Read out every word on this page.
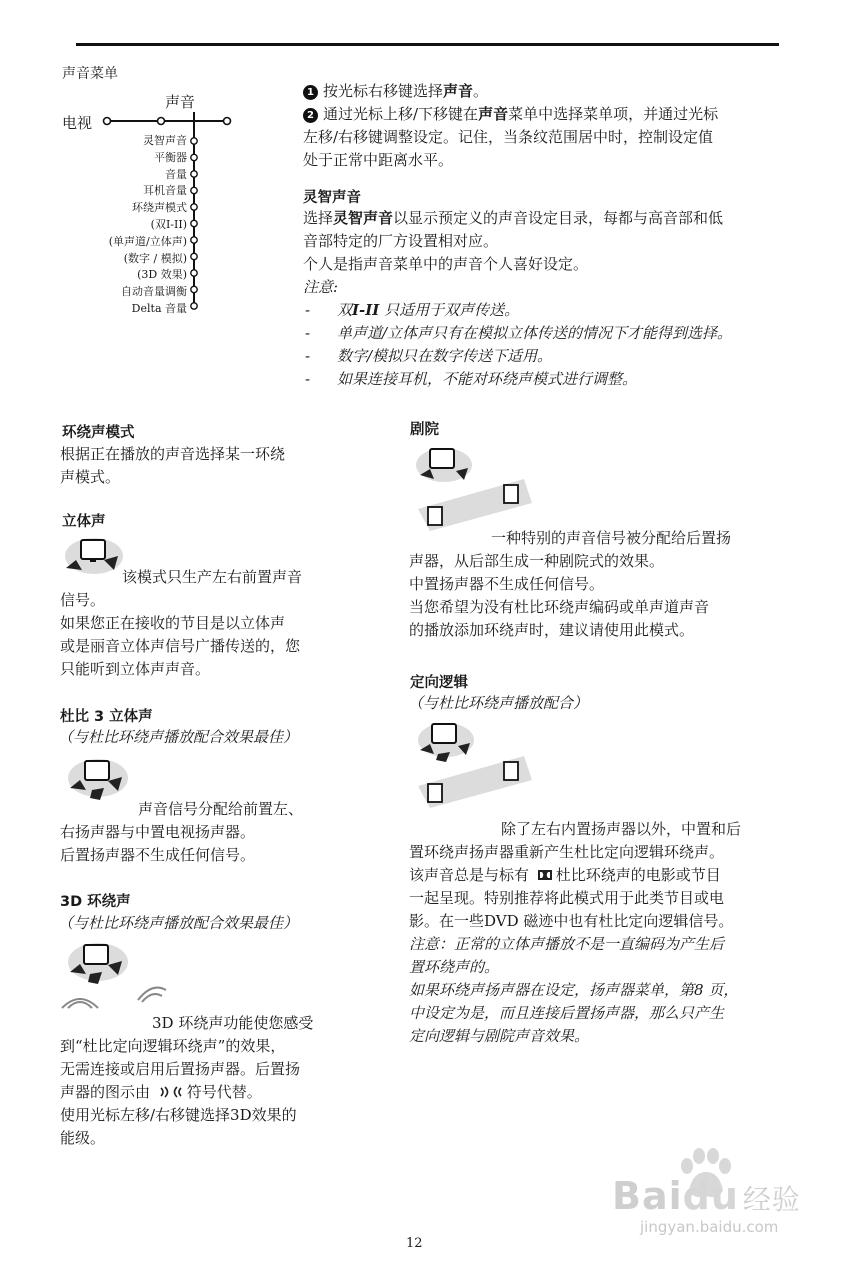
声音菜单
电视
声音
灵智声音
平衡器
音量
耳机音量
环绕声模式
(双I-II)
(单声道/立体声)
(数字 / 模拟)
(3D 效果)
自动音量调衡
Delta 音量
1 按光标右移键选择声音。
2 通过光标上移/下移键在声音菜单中选择菜单项，并通过光标
左移/右移键调整设定。记住，当条纹范围居中时，控制设定值
处于正常中距离水平。
灵智声音
选择灵智声音以显示预定义的声音设定目录，每都与高音部和低
音部特定的厂方设置相对应。
个人是指声音菜单中的声音个人喜好设定。
注意:
- 双I-II 只适用于双声传送。
- 单声道/立体声只有在模拟立体传送的情况下才能得到选择。
- 数字/模拟只在数字传送下适用。
- 如果连接耳机，不能对环绕声模式进行调整。
环绕声模式
根据正在播放的声音选择某一环绕
声模式。
立体声
该模式只生产左右前置声音
信号。
如果您正在接收的节目是以立体声
或是丽音立体声信号广播传送的，您
只能听到立体声声音。
杜比 3 立体声
（与杜比环绕声播放配合效果最佳）
声音信号分配给前置左、
右扬声器与中置电视扬声器。
后置扬声器不生成任何信号。
3D 环绕声
（与杜比环绕声播放配合效果最佳）
3D 环绕声功能使您感受
到“杜比定向逻辑环绕声”的效果，
无需连接或启用后置扬声器。后置扬
声器的图示由 符号代替。
使用光标左移/右移键选择3D效果的
能级。
剧院
一种特别的声音信号被分配给后置扬
声器，从后部生成一种剧院式的效果。
中置扬声器不生成任何信号。
当您希望为没有杜比环绕声编码或单声道声音
的播放添加环绕声时，建议请使用此模式。
定向逻辑
（与杜比环绕声播放配合）
除了左右内置扬声器以外，中置和后
置环绕声扬声器重新产生杜比定向逻辑环绕声。
该声音总是与标有 杜比环绕声的电影或节目
一起呈现。特别推荐将此模式用于此类节目或电
影。在一些DVD 磁迹中也有杜比定向逻辑信号。
注意：正常的立体声播放不是一直编码为产生后
置环绕声的。
如果环绕声扬声器在设定，扬声器菜单，第8 页，
中设定为是，而且连接后置扬声器，那么只产生
定向逻辑与剧院声音效果。
Baidu 经验
jingyan.baidu.com
12
